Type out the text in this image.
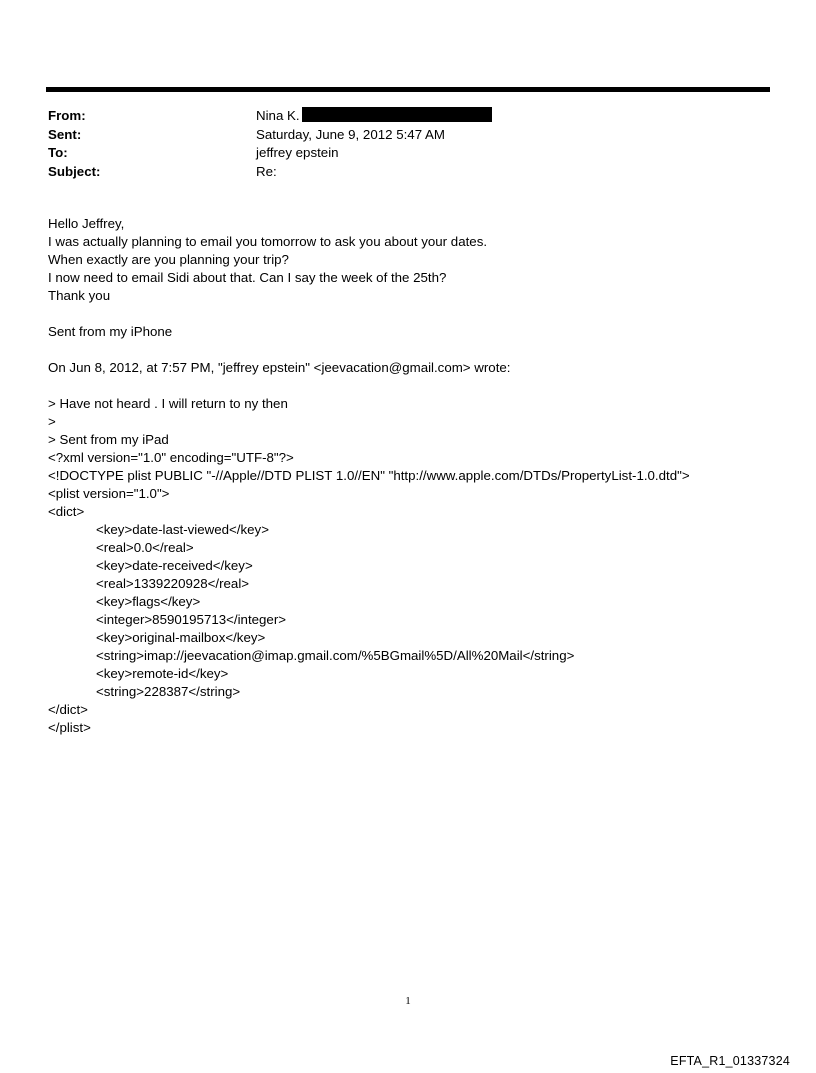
From:	Nina K.
Sent:	Saturday, June 9, 2012 5:47 AM
To:	jeffrey epstein
Subject:	Re:
Hello Jeffrey,
I was actually planning to email you tomorrow to ask you about your dates.
When exactly are you planning your trip?
I now need to email Sidi about that. Can I say the week of the 25th?
Thank you
Sent from my iPhone
On Jun 8, 2012, at 7:57 PM, "jeffrey epstein" <jeevacation@gmail.com> wrote:
> Have not heard . I will return to ny then
>
> Sent from my iPad
<?xml version="1.0" encoding="UTF-8"?>
<!DOCTYPE plist PUBLIC "-//Apple//DTD PLIST 1.0//EN" "http://www.apple.com/DTDs/PropertyList-1.0.dtd">
<plist version="1.0">
<dict>
<key>date-last-viewed</key>
<real>0.0</real>
<key>date-received</key>
<real>1339220928</real>
<key>flags</key>
<integer>8590195713</integer>
<key>original-mailbox</key>
<string>imap://jeevacation@imap.gmail.com/%5BGmail%5D/All%20Mail</string>
<key>remote-id</key>
<string>228387</string>
</dict>
</plist>
1
EFTA_R1_01337324
